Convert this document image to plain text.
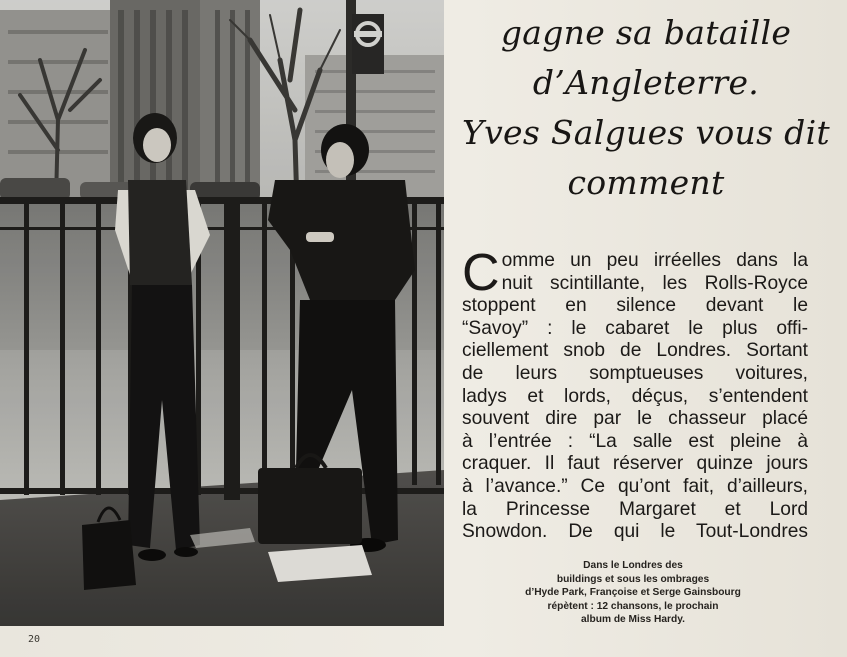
gagne sa bataille
d’Angleterre.
Yves Salgues vous dit
comment
C omme un peu irréelles dans la
nuit scintillante, les Rolls-Royce
stoppent en silence devant le
“Savoy” : le cabaret le plus offi-
ciellement snob de Londres. Sortant
de leurs somptueuses voitures,
ladys et lords, déçus, s’entendent
souvent dire par le chasseur placé
à l’entrée : “La salle est pleine à
craquer. Il faut réserver quinze jours
à l’avance.” Ce qu’ont fait, d’ailleurs,
la Princesse Margaret et Lord
Snowdon. De qui le Tout-Londres
Dans le Londres des
buildings et sous les ombrages
d’Hyde Park, Françoise et Serge Gainsbourg
répètent : 12 chansons, le prochain
album de Miss Hardy.
20
